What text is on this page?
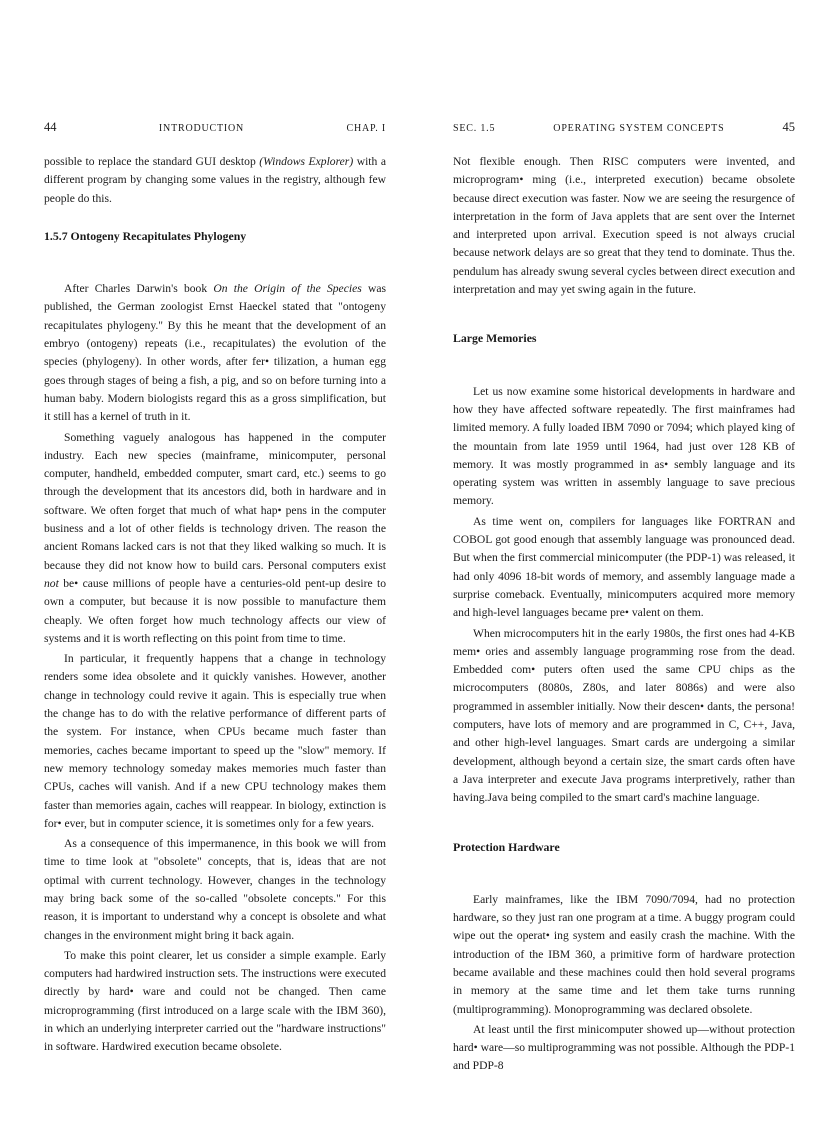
44	INTRODUCTION	CHAP. I

possible to replace the standard GUI desktop (Windows Explorer) with a different program by changing some values in the registry, although few people do this.

1.5.7 Ontogeny Recapitulates Phylogeny

After Charles Darwin's book On the Origin of the Species was published, the German zoologist Ernst Haeckel stated that "ontogeny recapitulates phylogeny." By this he meant that the development of an embryo (ontogeny) repeats (i.e., recapitulates) the evolution of the species (phylogeny). In other words, after fer• tilization, a human egg goes through stages of being a fish, a pig, and so on before turning into a human baby. Modern biologists regard this as a gross simplification, but it still has a kernel of truth in it.

Something vaguely analogous has happened in the computer industry. Each new species (mainframe, minicomputer, personal computer, handheld, embedded computer, smart card, etc.) seems to go through the development that its ancestors did, both in hardware and in software. We often forget that much of what hap• pens in the computer business and a lot of other fields is technology driven. The reason the ancient Romans lacked cars is not that they liked walking so much. It is because they did not know how to build cars. Personal computers exist not be• cause millions of people have a centuries-old pent-up desire to own a computer, but because it is now possible to manufacture them cheaply. We often forget how much technology affects our view of systems and it is worth reflecting on this point from time to time.

In particular, it frequently happens that a change in technology renders some idea obsolete and it quickly vanishes. However, another change in technology could revive it again. This is especially true when the change has to do with the relative performance of different parts of the system. For instance, when CPUs became much faster than memories, caches became important to speed up the "slow" memory. If new memory technology someday makes memories much faster than CPUs, caches will vanish. And if a new CPU technology makes them faster than memories again, caches will reappear. In biology, extinction is for• ever, but in computer science, it is sometimes only for a few years.

As a consequence of this impermanence, in this book we will from time to time look at "obsolete" concepts, that is, ideas that are not optimal with current technology. However, changes in the technology may bring back some of the so-called "obsolete concepts." For this reason, it is important to understand why a concept is obsolete and what changes in the environment might bring it back again.

To make this point clearer, let us consider a simple example. Early computers had hardwired instruction sets. The instructions were executed directly by hard• ware and could not be changed. Then came microprogramming (first introduced on a large scale with the IBM 360), in which an underlying interpreter carried out the "hardware instructions" in software. Hardwired execution became obsolete.

SEC. 1.5	OPERATING SYSTEM CONCEPTS	45

Not flexible enough. Then RISC computers were invented, and microprogram• ming (i.e., interpreted execution) became obsolete because direct execution was faster. Now we are seeing the resurgence of interpretation in the form of Java applets that are sent over the Internet and interpreted upon arrival. Execution speed is not always crucial because network delays are so great that they tend to dominate. Thus the. pendulum has already swung several cycles between direct execution and interpretation and may yet swing again in the future.

Large Memories

Let us now examine some historical developments in hardware and how they have affected software repeatedly. The first mainframes had limited memory. A fully loaded IBM 7090 or 7094; which played king of the mountain from late 1959 until 1964, had just over 128 KB of memory. It was mostly programmed in as• sembly language and its operating system was written in assembly language to save precious memory.

As time went on, compilers for languages like FORTRAN and COBOL got good enough that assembly language was pronounced dead. But when the first commercial minicomputer (the PDP-1) was released, it had only 4096 18-bit words of memory, and assembly language made a surprise comeback. Eventually, minicomputers acquired more memory and high-level languages became pre• valent on them.

When microcomputers hit in the early 1980s, the first ones had 4-KB mem• ories and assembly language programming rose from the dead. Embedded com• puters often used the same CPU chips as the microcomputers (8080s, Z80s, and later 8086s) and were also programmed in assembler initially. Now their descen• dants, the persona! computers, have lots of memory and are programmed in C, C++, Java, and other high-level languages. Smart cards are undergoing a similar development, although beyond a certain size, the smart cards often have a Java interpreter and execute Java programs interpretively, rather than having.Java being compiled to the smart card's machine language.

Protection Hardware

Early mainframes, like the IBM 7090/7094, had no protection hardware, so they just ran one program at a time. A buggy program could wipe out the operat• ing system and easily crash the machine. With the introduction of the IBM 360, a primitive form of hardware protection became available and these machines could then hold several programs in memory at the same time and let them take turns running (multiprogramming). Monoprogramming was declared obsolete.

At least until the first minicomputer showed up—without protection hard• ware—so multiprogramming was not possible. Although the PDP-1 and PDP-8
